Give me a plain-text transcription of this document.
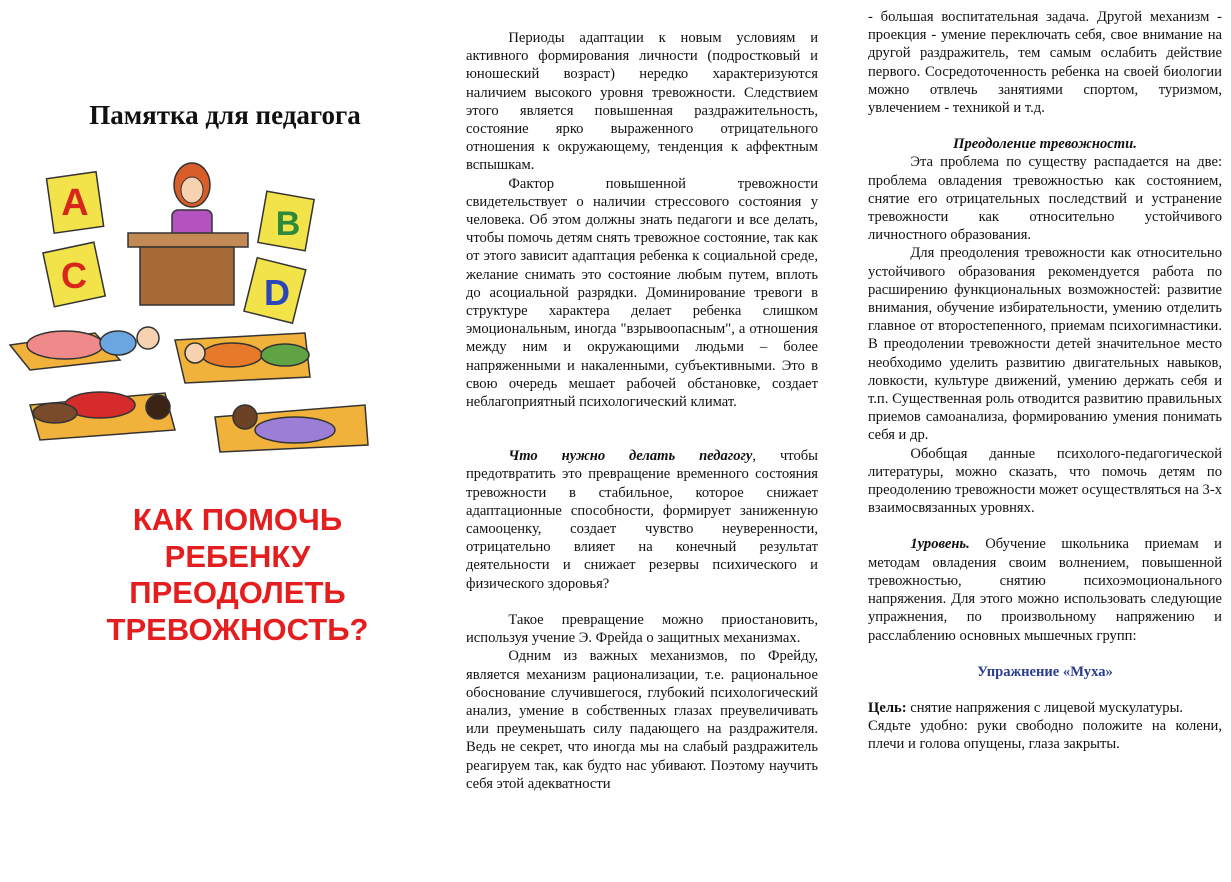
Памятка для педагога
A	B
C	D
КАК ПОМОЧЬ
РЕБЕНКУ
ПРЕОДОЛЕТЬ
ТРЕВОЖНОСТЬ?

Периоды адаптации к новым условиям и активного формирования личности (подростковый и юношеский возраст) нередко характеризуются наличием высокого уровня тревожности. Следствием этого является повышенная раздражительность, состояние ярко выраженного отрицательного отношения к окружающему, тенденция к аффектным вспышкам.

Фактор повышенной тревожности свидетельствует о наличии стрессового состояния у человека. Об этом должны знать педагоги и все делать, чтобы помочь детям снять тревожное состояние, так как от этого зависит адаптация ребенка к социальной среде, желание снимать это состояние любым путем, вплоть до асоциальной разрядки. Доминирование тревоги в структуре характера делает ребенка слишком эмоциональным, иногда "взрывоопасным", а отношения между ним и окружающими людьми – более напряженными и накаленными, субъективными. Это в свою очередь мешает рабочей обстановке, создает неблагоприятный психологический климат.

Что нужно делать педагогу, чтобы предотвратить это превращение временного состояния тревожности в стабильное, которое снижает адаптационные способности, формирует заниженную самооценку, создает чувство неуверенности, отрицательно влияет на конечный результат деятельности и снижает резервы психического и физического здоровья?

Такое превращение можно приостановить, используя учение Э. Фрейда о защитных механизмах.

Одним из важных механизмов, по Фрейду, является механизм рационализации, т.е. рациональное обоснование случившегося, глубокий психологический анализ, умение в собственных глазах преувеличивать или преуменьшать силу падающего на раздражителя. Ведь не секрет, что иногда мы на слабый раздражитель реагируем так, как будто нас убивают. Поэтому научить себя этой адекватности

- большая воспитательная задача. Другой механизм - проекция - умение переключать себя, свое внимание на другой раздражитель, тем самым ослабить действие первого. Сосредоточенность ребенка на своей биологии можно отвлечь занятиями спортом, туризмом, увлечением - техникой и т.д.

Преодоление тревожности.

Эта проблема по существу распадается на две: проблема овладения тревожностью как состоянием, снятие его отрицательных последствий и устранение тревожности как относительно устойчивого личностного образования.

Для преодоления тревожности как относительно устойчивого образования рекомендуется работа по расширению функциональных возможностей: развитие внимания, обучение избирательности, умению отделить главное от второстепенного, приемам психогимнастики. В преодолении тревожности детей значительное место необходимо уделить развитию двигательных навыков, ловкости, культуре движений, умению держать себя и т.п. Существенная роль отводится развитию правильных приемов самоанализа, формированию умения понимать себя и др.

Обобщая данные психолого-педагогической литературы, можно сказать, что помочь детям по преодолению тревожности может осуществляться на 3-х взаимосвязанных уровнях.

1уровень. Обучение школьника приемам и методам овладения своим волнением, повышенной тревожностью, снятию психоэмоционального напряжения. Для этого можно использовать следующие упражнения, по произвольному напряжению и расслаблению основных мышечных групп:

Упражнение «Муха»

Цель: снятие напряжения с лицевой мускулатуры.

Сядьте удобно: руки свободно положите на колени, плечи и голова опущены, глаза закрыты.
